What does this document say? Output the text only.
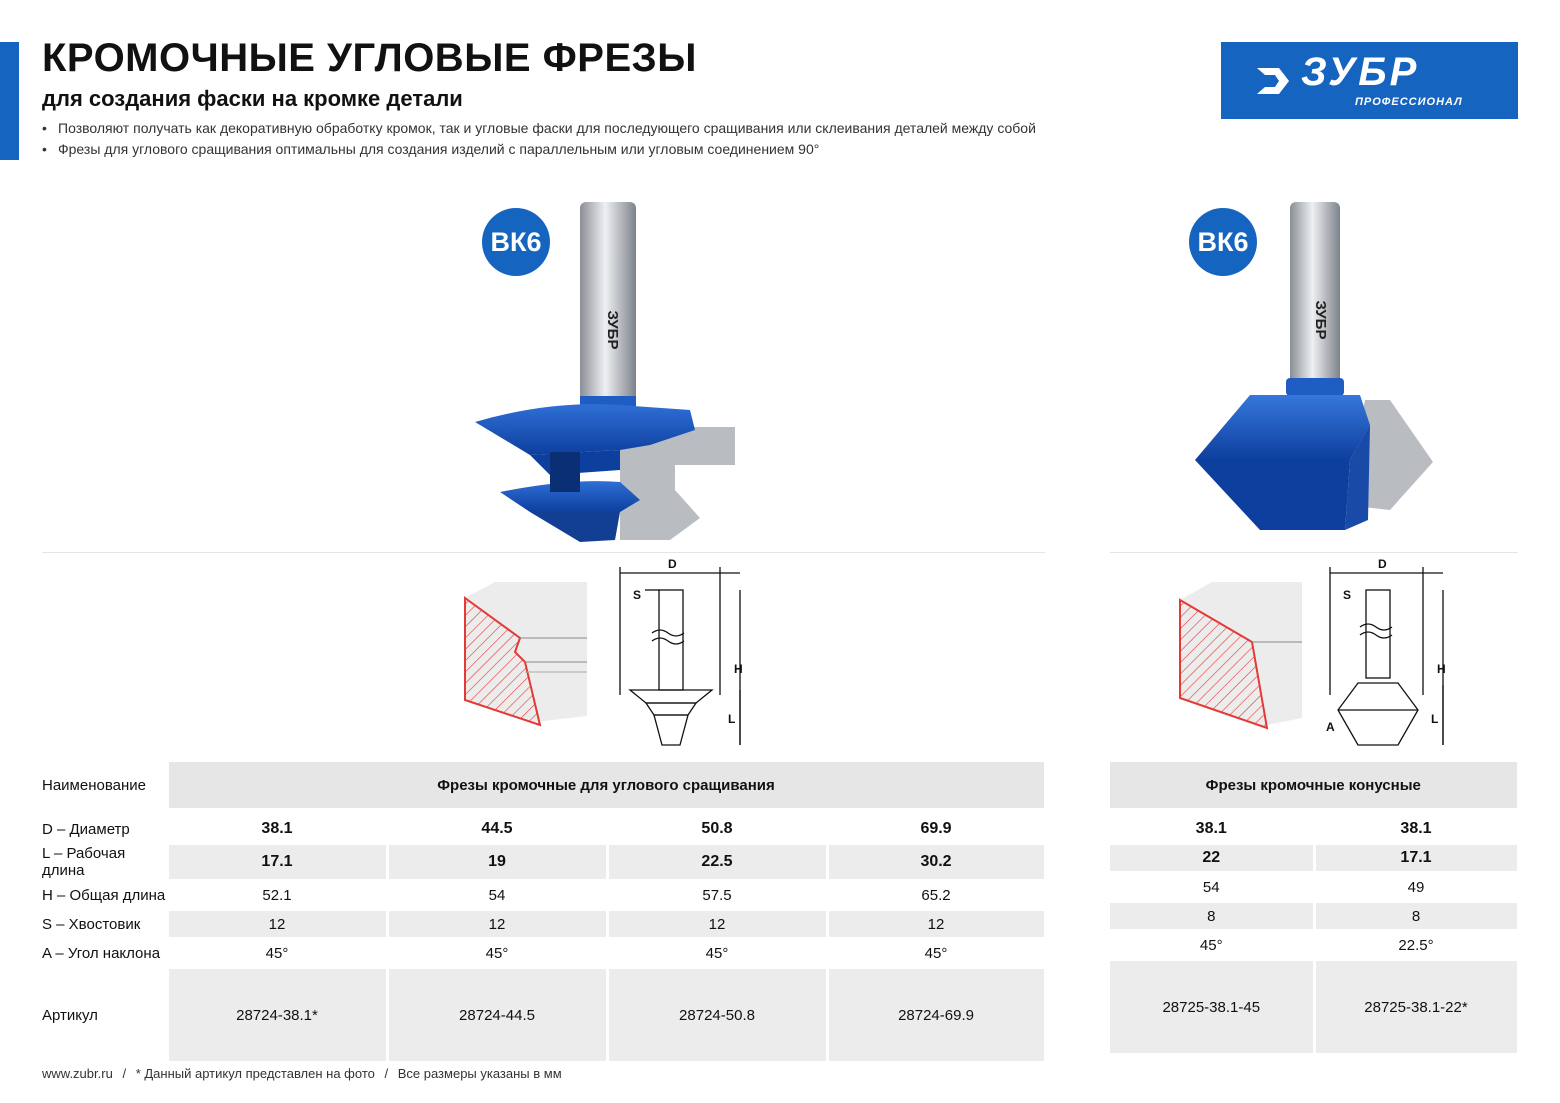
КРОМОЧНЫЕ УГЛОВЫЕ ФРЕЗЫ
для создания фаски на кромке детали
• Позволяют получать как декоративную обработку кромок, так и угловые фаски для последующего сращивания или склеивания деталей между собой
• Фрезы для углового сращивания оптимальны для создания изделий с параллельным или угловым соединением 90°
ЗУБР
ПРОФЕССИОНАЛ
ВК6
ЗУБР
ВК6
ЗУБР
D
S
H
L
D
S
H
L
A
Наименование	Фрезы кромочные для углового сращивания			

D – Диаметр	38.1	44.5	50.8	69.9
L – Рабочая длина	17.1	19	22.5	30.2
H – Общая длина	52.1	54	57.5	65.2
S – Хвостовик	12	12	12	12
A – Угол наклона	45°	45°	45°	45°
Артикул	28724-38.1*	28724-44.5	28724-50.8	28724-69.9
Фрезы кромочные конусные	

38.1	38.1
22	17.1
54	49
8	8
45°	22.5°
28725-38.1-45	28725-38.1-22*
www.zubr.ru / * Данный артикул представлен на фото / Все размеры указаны в мм
